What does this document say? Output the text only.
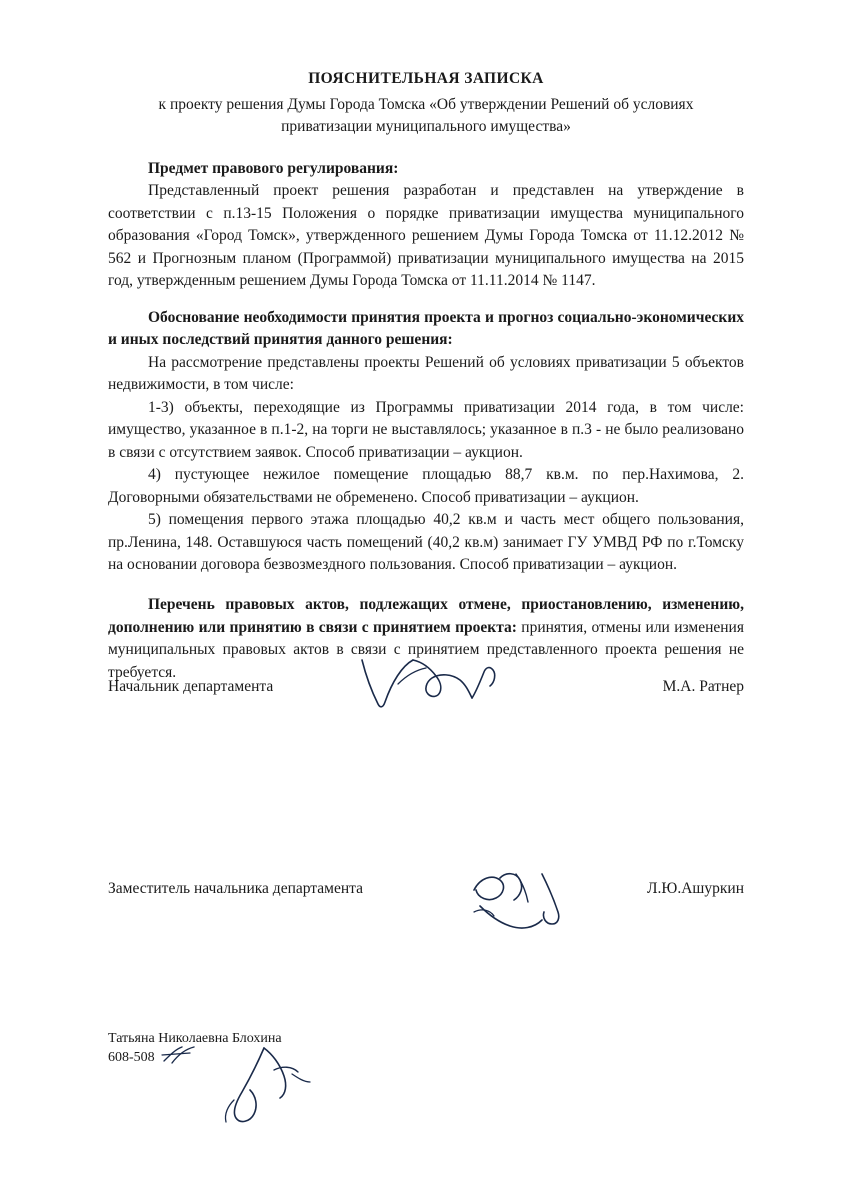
ПОЯСНИТЕЛЬНАЯ ЗАПИСКА
к проекту решения Думы Города Томска «Об утверждении Решений об условиях приватизации муниципального имущества»

Предмет правового регулирования:

Представленный проект решения разработан и представлен на утверждение в соответствии с п.13-15 Положения о порядке приватизации имущества муниципального образования «Город Томск», утвержденного решением Думы Города Томска от 11.12.2012 № 562 и Прогнозным планом (Программой) приватизации муниципального имущества на 2015 год, утвержденным решением Думы Города Томска от 11.11.2014 № 1147.

Обоснование необходимости принятия проекта и прогноз социально-экономических и иных последствий принятия данного решения:

На рассмотрение представлены проекты Решений об условиях приватизации 5 объектов недвижимости, в том числе:

1-3) объекты, переходящие из Программы приватизации 2014 года, в том числе: имущество, указанное в п.1-2, на торги не выставлялось; указанное в п.3 - не было реализовано в связи с отсутствием заявок. Способ приватизации – аукцион.

4) пустующее нежилое помещение площадью 88,7 кв.м. по пер.Нахимова, 2. Договорными обязательствами не обременено. Способ приватизации – аукцион.

5) помещения первого этажа площадью 40,2 кв.м и часть мест общего пользования, пр.Ленина, 148. Оставшуюся часть помещений (40,2 кв.м) занимает ГУ УМВД РФ по г.Томску на основании договора безвозмездного пользования. Способ приватизации – аукцион.

Перечень правовых актов, подлежащих отмене, приостановлению, изменению, дополнению или принятию в связи с принятием проекта: принятия, отмены или изменения муниципальных правовых актов в связи с принятием представленного проекта решения не требуется.

Начальник департамента	М.А. Ратнер
Заместитель начальника департамента	Л.Ю.Ашуркин
Татьяна Николаевна Блохина
608-508
